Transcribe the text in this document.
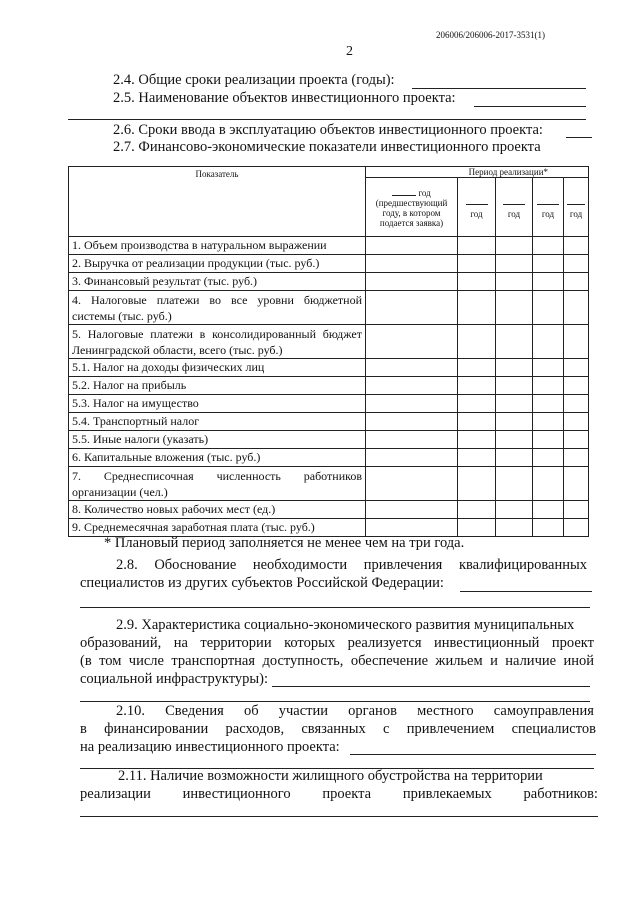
206006/206006-2017-3531(1)
2
2.4. Общие сроки реализации проекта (годы):
2.5. Наименование объектов инвестиционного проекта:
2.6. Сроки ввода в эксплуатацию объектов инвестиционного проекта:
2.7. Финансово-экономические показатели инвестиционного проекта
Показатель	Период реализации*				

	год
(предшествующий
году, в котором
подается заявка)	год	год	год	год

1. Объем производства в натуральном выражении					
2. Выручка от реализации продукции (тыс. руб.)					
3. Финансовый результат (тыс. руб.)					
4. Налоговые платежи во все уровни бюджетной системы (тыс. руб.)					
5. Налоговые платежи в консолидированный бюджет Ленинградской области, всего (тыс. руб.)					
5.1. Налог на доходы физических лиц					
5.2. Налог на прибыль					
5.3. Налог на имущество					
5.4. Транспортный налог					
5.5. Иные налоги (указать)					
6. Капитальные вложения (тыс. руб.)					
7. Среднесписочная численность работников организации (чел.)					
8. Количество новых рабочих мест (ед.)					
9. Среднемесячная заработная плата (тыс. руб.)					
* Плановый период заполняется не менее чем на три года.
2.8. Обоснование необходимости привлечения квалифицированных
специалистов из других субъектов Российской Федерации:
2.9. Характеристика социально-экономического развития муниципальных
образований, на территории которых реализуется инвестиционный проект
(в том числе транспортная доступность, обеспечение жильем и наличие иной
социальной инфраструктуры):
2.10. Сведения об участии органов местного самоуправления
в финансировании расходов, связанных с привлечением специалистов
на реализацию инвестиционного проекта:
2.11. Наличие возможности жилищного обустройства на территории
реализации инвестиционного проекта привлекаемых работников:
